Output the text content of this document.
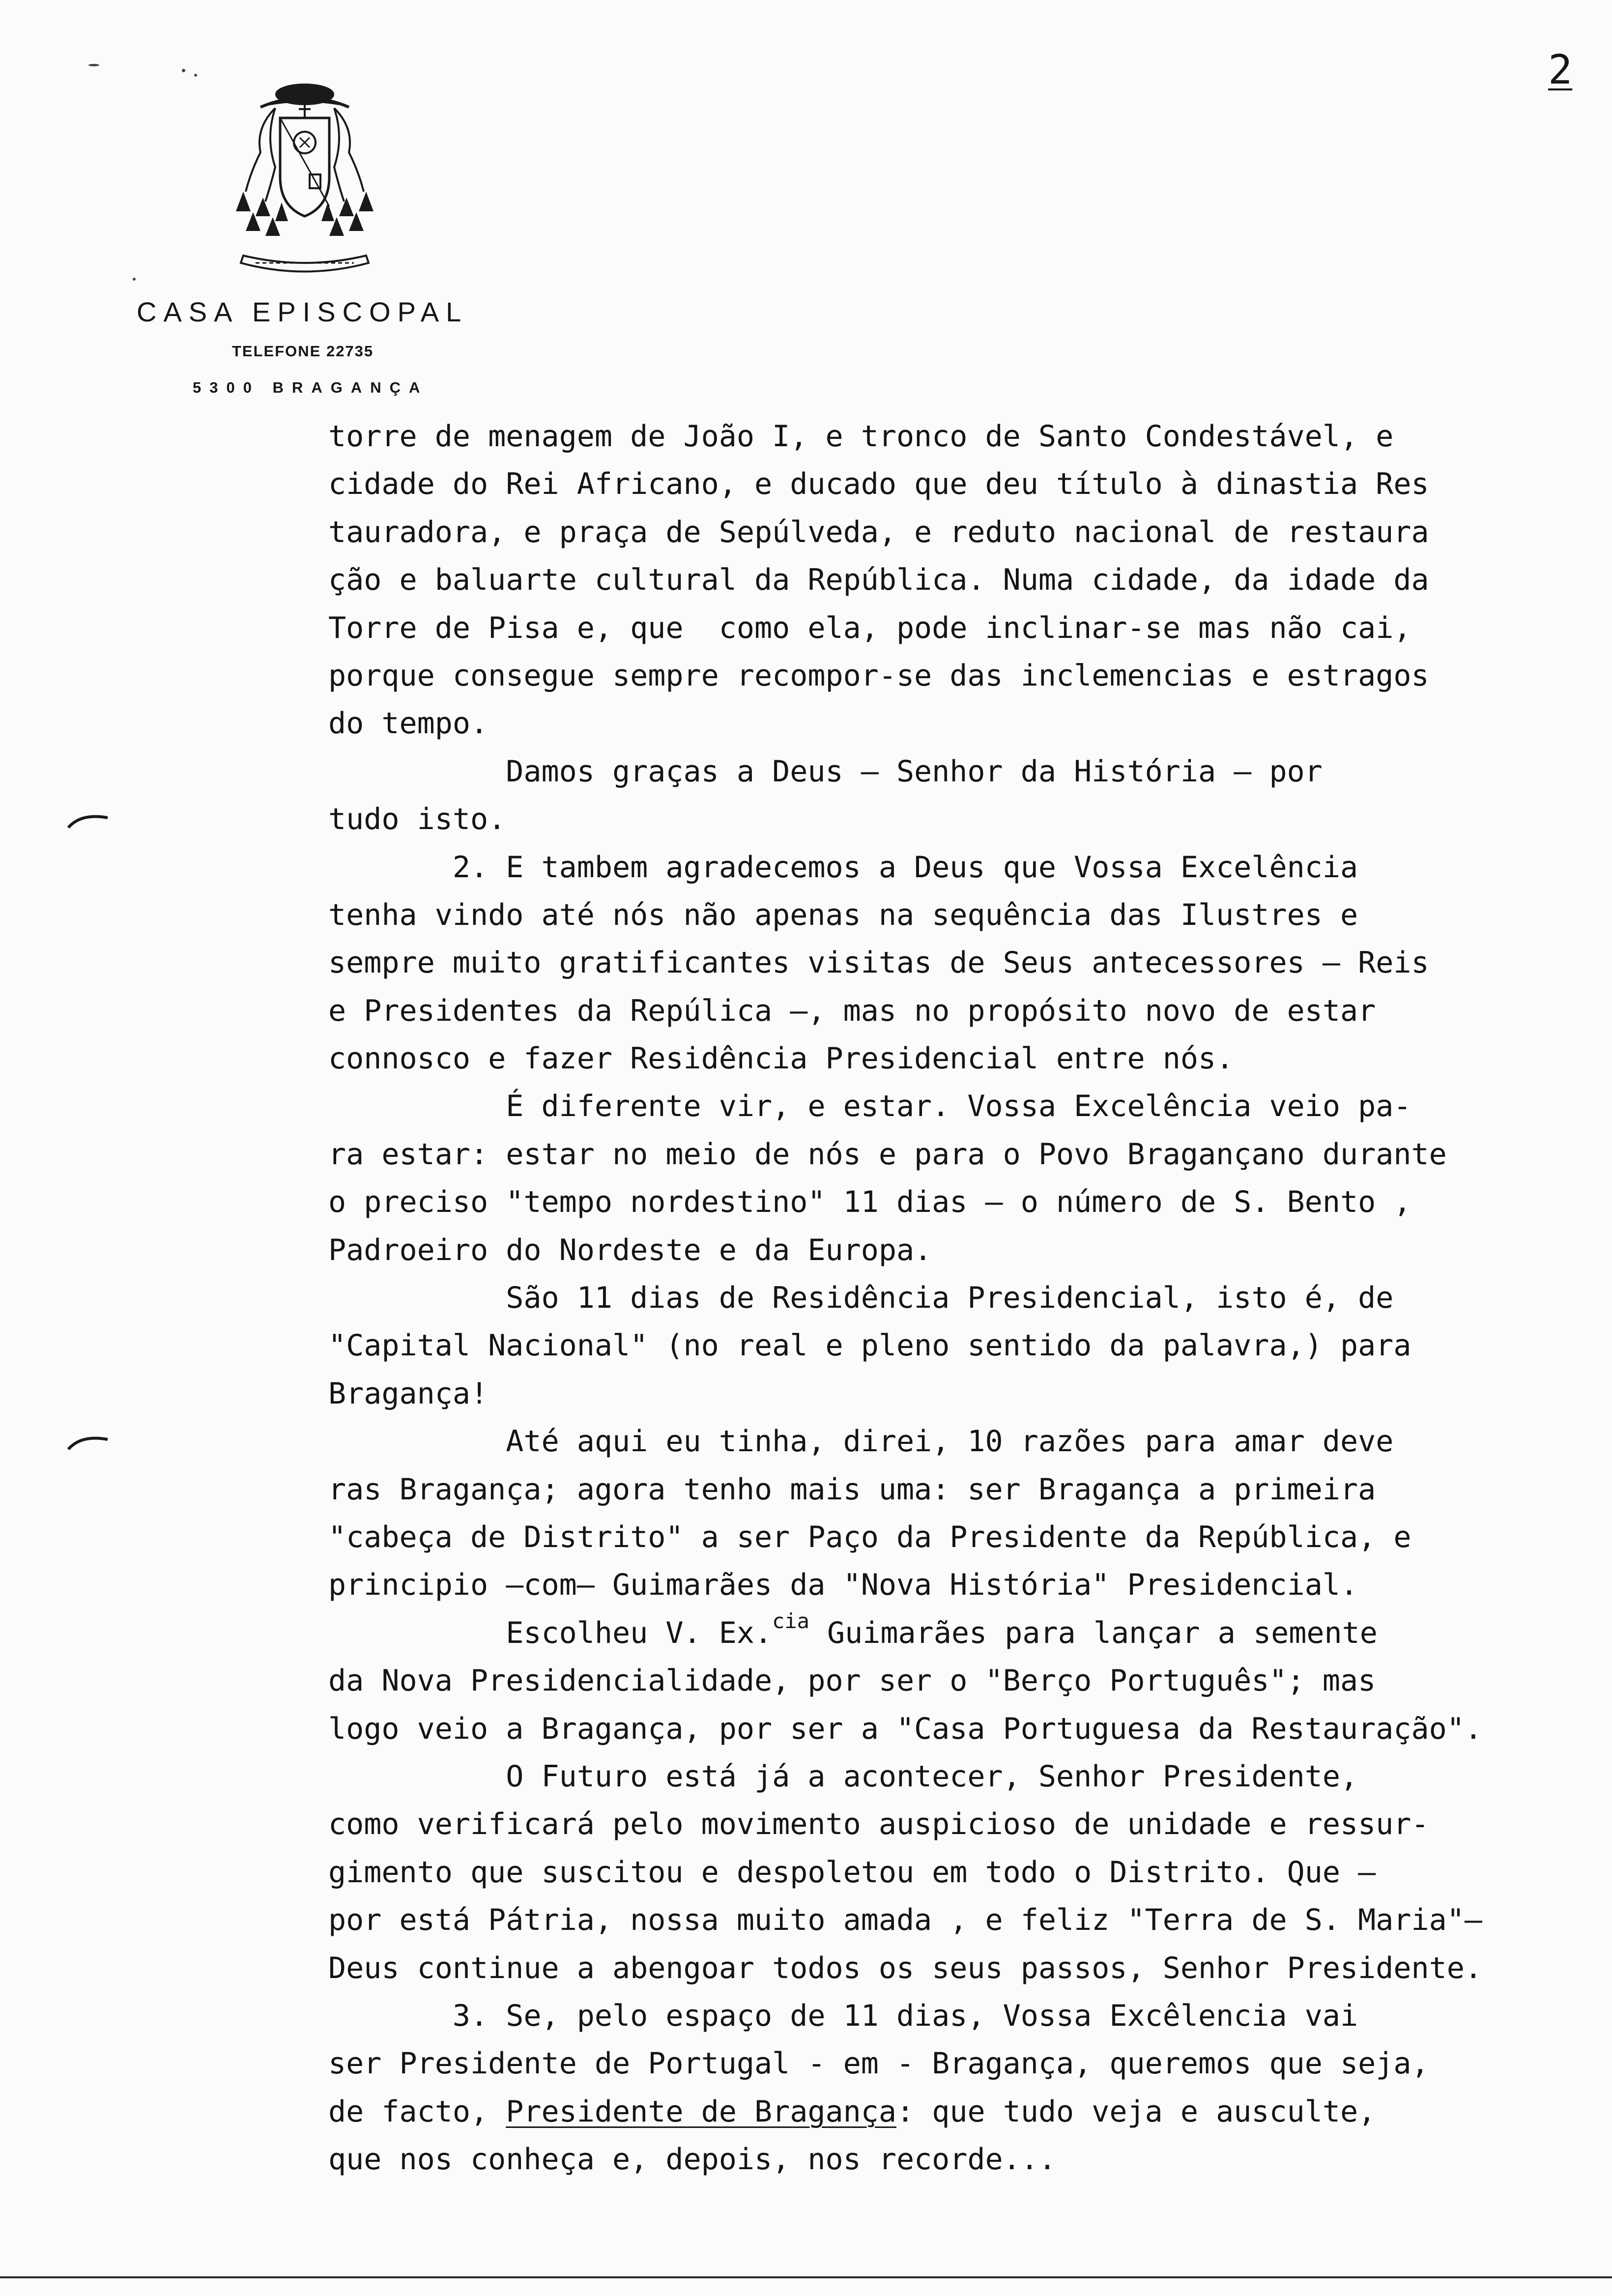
2
CASA EPISCOPAL
TELEFONE 22735
5300 BRAGANÇA
torre de menagem de João I, e tronco de Santo Condestável, e
cidade do Rei Africano, e ducado que deu título à dinastia Res
tauradora, e praça de Sepúlveda, e reduto nacional de restaura
ção e baluarte cultural da República. Numa cidade, da idade da
Torre de Pisa e, que  como ela, pode inclinar-se mas não cai,
porque consegue sempre recompor-se das inclemencias e estragos
do tempo.
Damos graças a Deus — Senhor da História — por
tudo isto.
2. E tambem agradecemos a Deus que Vossa Excelência
tenha vindo até nós não apenas na sequência das Ilustres e
sempre muito gratificantes visitas de Seus antecessores — Reis
e Presidentes da Repúlica —, mas no propósito novo de estar
connosco e fazer Residência Presidencial entre nós.
É diferente vir, e estar. Vossa Excelência veio pa-
ra estar: estar no meio de nós e para o Povo Bragançano durante
o preciso "tempo nordestino" 11 dias — o número de S. Bento ,
Padroeiro do Nordeste e da Europa.
São 11 dias de Residência Presidencial, isto é, de
"Capital Nacional" (no real e pleno sentido da palavra,) para
Bragança!
Até aqui eu tinha, direi, 10 razões para amar deve
ras Bragança; agora tenho mais uma: ser Bragança a primeira
"cabeça de Distrito" a ser Paço da Presidente da República, e
principio —com— Guimarães da "Nova História" Presidencial.
Escolheu V. Ex.$^{cia}$ Guimarães para lançar a semente
da Nova Presidencialidade, por ser o "Berço Português"; mas
logo veio a Bragança, por ser a "Casa Portuguesa da Restauração".
O Futuro está já a acontecer, Senhor Presidente,
como verificará pelo movimento auspicioso de unidade e ressur-
gimento que suscitou e despoletou em todo o Distrito. Que —
por está Pátria, nossa muito amada , e feliz "Terra de S. Maria"—
Deus continue a abengoar todos os seus passos, Senhor Presidente.
3. Se, pelo espaço de 11 dias, Vossa Excêlencia vai
ser Presidente de Portugal - em - Bragança, queremos que seja,
de facto, Presidente de Bragança: que tudo veja e ausculte,
que nos conheça e, depois, nos recorde...
